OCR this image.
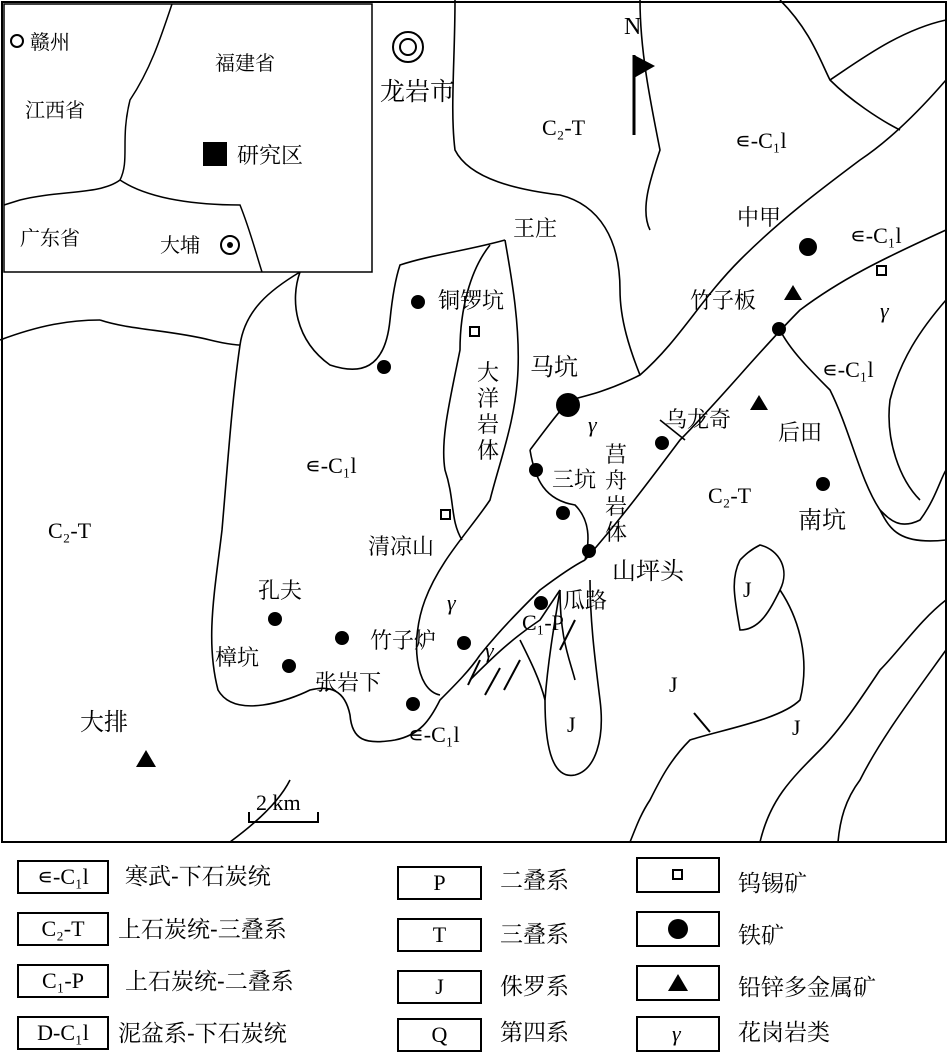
赣州
福建省
江西省
广东省
研究区
大埔
龙岩市
N
C₂-T
C₂-T
C₂-T
∊-C₁l
∊-C₁l
∊-C₁l
∊-C₁l
∊-C₁l
C₁-P
J
J
J
J
γ
γ
γ
γ
王庄
铜锣坑
大
洋
岩
体
马坑
莒
舟
岩
体
三坑
乌龙奇
后田
南坑
中甲
竹子板
清凉山
山坪头
瓜路
竹子炉
孔夫
樟坑
张岩下
大排
2 km
γ
∊-C₁l 寒武-下石炭统
C₂-T 上石炭统-三叠系
C₁-P 上石炭统-二叠系
D-C₁l 泥盆系-下石炭统
P 二叠系
T 三叠系
J 侏罗系
Q 第四系
钨锡矿
铁矿
铅锌多金属矿
花岗岩类
